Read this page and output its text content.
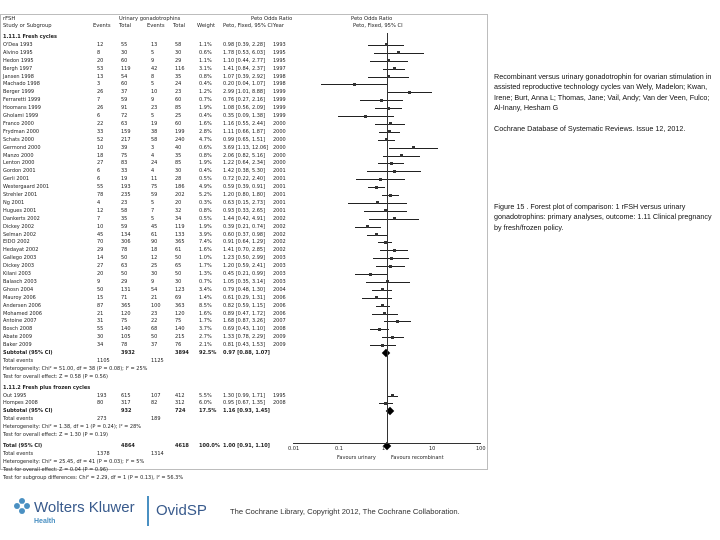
rFSH	Urinary gonadotrophins	Peto Odds Ratio	Peto Odds Ratio
Study or Subgroup	Events Total	Events Total Weight Peto, Fixed, 95% CI Year	Peto, Fixed, 95% CI
1.11.1 Fresh cycles
O'Dea 1993	12	55	13	58	1.1% 0.98 [0.39, 2.28] 1993
Alvino 1995	8	30	5	30	0.6% 1.78 [0.53, 6.03] 1995
Hedon 1995	20	60	9	29	1.1% 1.10 [0.44, 2.77] 1995
Bergh 1997	53	119	42	116	3.1% 1.41 [0.84, 2.37] 1997
Jansen 1998	13	54	8	35	0.8% 1.07 [0.39, 2.92] 1998
Machado 1998	3	60	5	24	0.4% 0.20 [0.04, 1.07] 1998
Berger 1999	26	37	10	23	1.2% 2.99 [1.01, 8.88] 1999
Ferraretti 1999	7	59	9	60	0.7% 0.76 [0.27, 2.16] 1999
Hoomans 1999	26	91	23	85	1.9% 1.08 [0.56, 2.09] 1999
Gholami 1999	6	72	5	25	0.4% 0.35 [0.09, 1.38] 1999
Franco 2000	22	63	19	60	1.6% 1.16 [0.55, 2.44] 2000
Frydman 2000	33	159	38	199	2.8% 1.11 [0.66, 1.87] 2000
Schats 2000	52	217	58	240	4.7% 0.99 [0.65, 1.51] 2000
Germond 2000	10	39	3	40	0.6% 3.69 [1.13, 12.06] 2000
Manzo 2000	18	75	4	35	0.8% 2.06 [0.82, 5.16] 2000
Lenton 2000	27	83	24	85	1.9% 1.22 [0.64, 2.34] 2000
Gordon 2001	6	33	4	30	0.4% 1.42 [0.38, 5.30] 2001
Gerli 2001	6	19	11	28	0.5% 0.72 [0.22, 2.40] 2001
Westergaard 2001	55	193	75	186	4.9% 0.59 [0.39, 0.91] 2001
Strehler 2001	78	235	59	202	5.2% 1.20 [0.80, 1.80] 2001
Ng 2001	4	23	5	20	0.3% 0.63 [0.15, 2.73] 2001
Hugues 2001	12	58	7	32	0.8% 0.93 [0.33, 2.65] 2001
Dankerts 2002	7	35	5	34	0.5% 1.44 [0.42, 4.91] 2002
Dickey 2002	10	59	45	119	1.9% 0.39 [0.21, 0.74] 2002
Selman 2002	45	134	61	133	3.9% 0.60 [0.37, 0.98] 2002
EIDO 2002	70	306	90	365	7.4% 0.91 [0.64, 1.29] 2002
Hedayat 2002	29	78	18	61	1.6% 1.41 [0.70, 2.85] 2002
Gallego 2003	14	50	12	50	1.0% 1.23 [0.50, 2.99] 2003
Dickey 2003	27	63	25	65	1.7% 1.20 [0.59, 2.41] 2003
Kilani 2003	20	50	30	50	1.3% 0.45 [0.21, 0.99] 2003
Balasch 2003	9	29	9	30	0.7% 1.05 [0.35, 3.14] 2003
Ghosn 2004	50	131	54	123	3.4% 0.79 [0.48, 1.30] 2004
Mauroy 2006	15	71	21	69	1.4% 0.61 [0.29, 1.31] 2006
Andersen 2006	87	365	100	363	8.5% 0.82 [0.59, 1.15] 2006
Mohamed 2006	21	120	23	120	1.6% 0.89 [0.47, 1.72] 2006
Antoine 2007	31	75	22	75	1.7% 1.68 [0.87, 3.26] 2007
Bosch 2008	55	140	68	140	3.7% 0.69 [0.43, 1.10] 2008
Abate 2009	30	105	50	215	2.7% 1.33 [0.78, 2.29] 2009
Baker 2009	34	78	37	76	2.1% 0.81 [0.43, 1.53] 2009
Subtotal (95% CI)	3932	3894 92.5% 0.97 [0.88, 1.07]
Total events	1105	1125
Heterogeneity: Chi² = 51.00, df = 38 (P = 0.08); I² = 25%
Test for overall effect: Z = 0.58 (P = 0.56)
1.11.2 Fresh plus frozen cycles
Out 1995	193	615	107	412	5.5% 1.30 [0.99, 1.71] 1995
Hompes 2008	80	317	82	312	6.0% 0.95 [0.67, 1.35] 2008
Subtotal (95% CI)	932	724	17.5% 1.16 [0.93, 1.45]
Total events	273	189
Heterogeneity: Chi² = 1.38, df = 1 (P = 0.24); I² = 28%
Test for overall effect: Z = 1.30 (P = 0.19)
Total (95% CI)	4864	4618 100.0% 1.00 [0.91, 1.10]
Total events	1378	1314
Heterogeneity: Chi² = 25.45, df = 41 (P = 0.03); I² = 5%
Test for overall effect: Z = 0.04 (P = 0.96)
Test for subgroup differences: Chi² = 2.29, df = 1 (P = 0.13), I² = 56.3%
0.01	0.1	1	10	100
Favours urinary	Favours recombinant
Recombinant versus urinary gonadotrophin for ovarian stimulation in assisted reproductive technology cycles van Wely, Madelon; Kwan, Irene; Burt, Anna L; Thomas, Jane; Vail, Andy; Van der Veen, Fulco; Al-Inany, Hesham G
Cochrane Database of Systematic Reviews. Issue 12, 2012.
Figure 15 . Forest plot of comparison: 1 rFSH versus urinary gonadotrophins: primary analyses, outcome: 1.11 Clinical pregnancy by fresh/frozen policy.
Wolters Kluwer
Health
OvidSP	The Cochrane Library, Copyright 2012, The Cochrane Collaboration.
